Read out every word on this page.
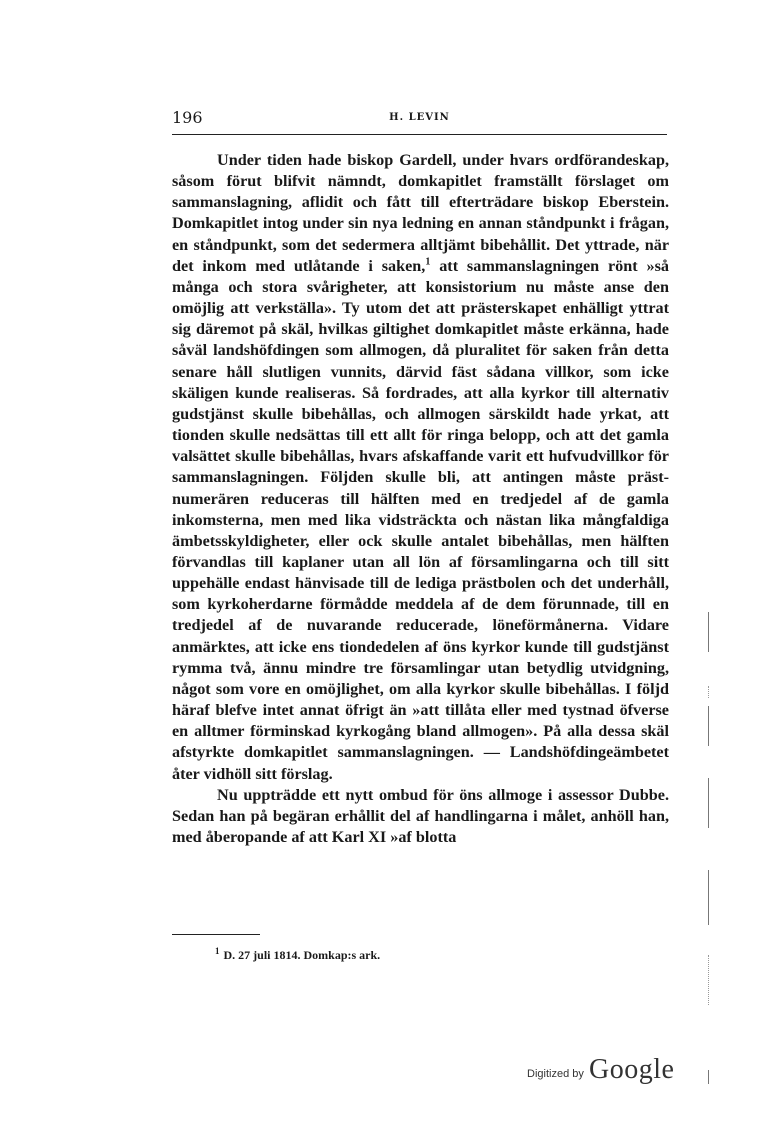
196	H. LEVIN

Under tiden hade biskop Gardell, under hvars ordförandeskap, såsom förut blifvit nämndt, domkapitlet framställt förslaget om sammanslagning, aflidit och fått till efterträdare biskop Eberstein. Domkapitlet intog under sin nya ledning en annan ståndpunkt i frågan, en ståndpunkt, som det sedermera alltjämt bibehållit. Det yttrade, när det inkom med utlåtande i saken,$^1$ att sammanslagningen rönt »så många och stora svårigheter, att konsistorium nu måste anse den omöjlig att verkställa». Ty utom det att prästerskapet enhälligt yttrat sig däremot på skäl, hvilkas giltighet domkapitlet måste erkänna, hade såväl landshöfdingen som allmogen, då pluralitet för saken från detta senare håll slutligen vunnits, därvid fäst sådana villkor, som icke skäligen kunde realiseras. Så fordrades, att alla kyrkor till alternativ gudstjänst skulle bibehållas, och allmogen särskildt hade yrkat, att tionden skulle nedsättas till ett allt för ringa belopp, och att det gamla valsättet skulle bibehållas, hvars afskaffande varit ett hufvudvillkor för sammanslagningen. Följden skulle bli, att antingen måste prästnumerären reduceras till hälften med en tredjedel af de gamla inkomsterna, men med lika vidsträckta och nästan lika mångfaldiga ämbetsskyldigheter, eller ock skulle antalet bibehållas, men hälften förvandlas till kaplaner utan all lön af församlingarna och till sitt uppehälle endast hänvisade till de lediga prästbolen och det underhåll, som kyrkoherdarne förmådde meddela af de dem förunnade, till en tredjedel af de nuvarande reducerade, löneförmånerna. Vidare anmärktes, att icke ens tiondedelen af öns kyrkor kunde till gudstjänst rymma två, ännu mindre tre församlingar utan betydlig utvidgning, något som vore en omöjlighet, om alla kyrkor skulle bibehållas. I följd häraf blefve intet annat öfrigt än »att tillåta eller med tystnad öfverse en alltmer förminskad kyrkogång bland allmogen». På alla dessa skäl afstyrkte domkapitlet sammanslagningen. — Landshöfdingeämbetet åter vidhöll sitt förslag.

Nu uppträdde ett nytt ombud för öns allmoge i assessor Dubbe. Sedan han på begäran erhållit del af handlingarna i målet, anhöll han, med åberopande af att Karl XI »af blotta

$^1$ D. 27 juli 1814. Domkap:s ark.
Digitized by Google
